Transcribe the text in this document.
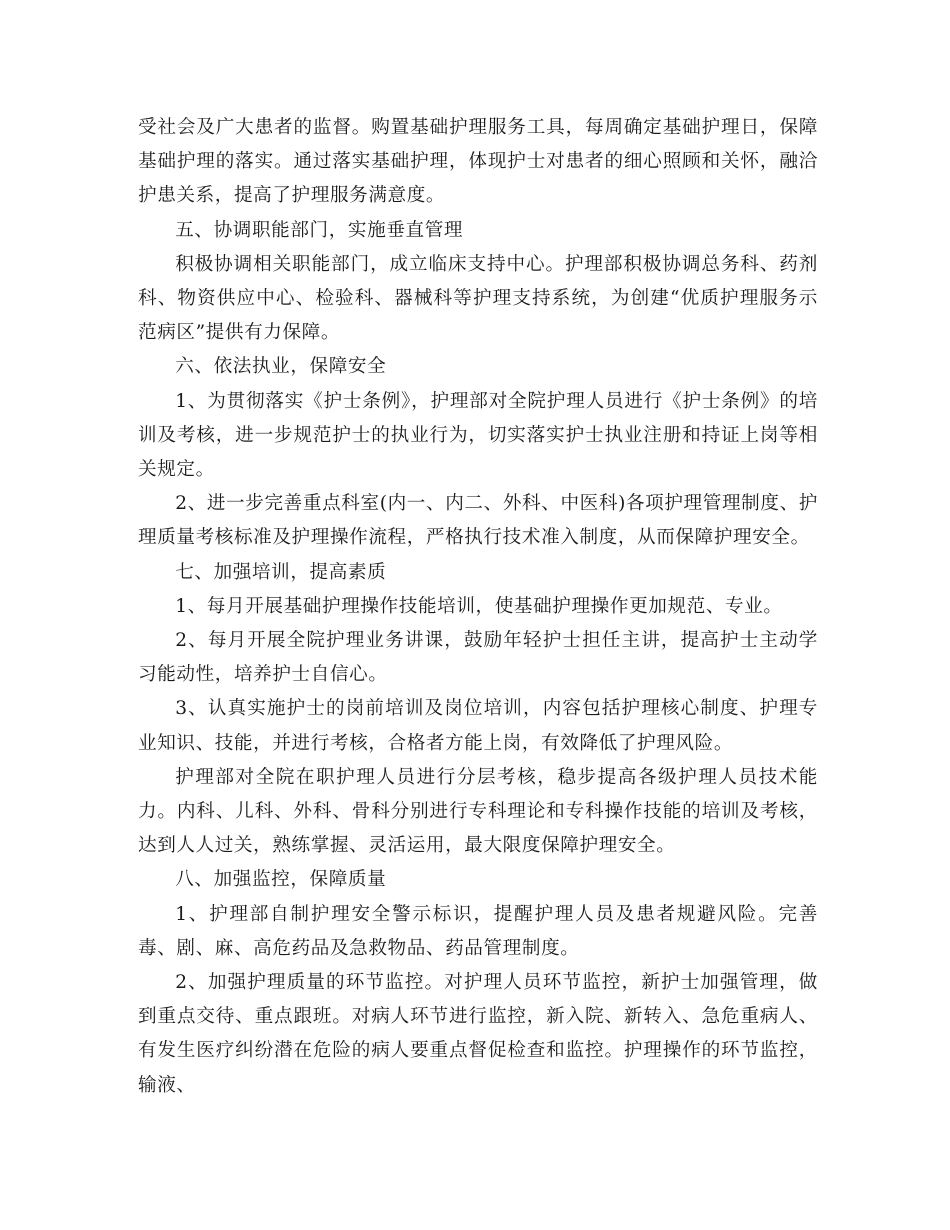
受社会及广大患者的监督。购置基础护理服务工具，每周确定基础护理日，保障基础护理的落实。通过落实基础护理，体现护士对患者的细心照顾和关怀，融洽护患关系，提高了护理服务满意度。

五、协调职能部门，实施垂直管理

积极协调相关职能部门，成立临床支持中心。护理部积极协调总务科、药剂科、物资供应中心、检验科、器械科等护理支持系统，为创建“优质护理服务示范病区”提供有力保障。

六、依法执业，保障安全

1、为贯彻落实《护士条例》，护理部对全院护理人员进行《护士条例》的培训及考核，进一步规范护士的执业行为，切实落实护士执业注册和持证上岗等相关规定。

2、进一步完善重点科室(内一、内二、外科、中医科)各项护理管理制度、护理质量考核标准及护理操作流程，严格执行技术准入制度，从而保障护理安全。

七、加强培训，提高素质

1、每月开展基础护理操作技能培训，使基础护理操作更加规范、专业。

2、每月开展全院护理业务讲课，鼓励年轻护士担任主讲，提高护士主动学习能动性，培养护士自信心。

3、认真实施护士的岗前培训及岗位培训，内容包括护理核心制度、护理专业知识、技能，并进行考核，合格者方能上岗，有效降低了护理风险。

护理部对全院在职护理人员进行分层考核，稳步提高各级护理人员技术能力。内科、儿科、外科、骨科分别进行专科理论和专科操作技能的培训及考核，达到人人过关，熟练掌握、灵活运用，最大限度保障护理安全。

八、加强监控，保障质量

1、护理部自制护理安全警示标识，提醒护理人员及患者规避风险。完善毒、剧、麻、高危药品及急救物品、药品管理制度。

2、加强护理质量的环节监控。对护理人员环节监控，新护士加强管理，做到重点交待、重点跟班。对病人环节进行监控，新入院、新转入、急危重病人、有发生医疗纠纷潜在危险的病人要重点督促检查和监控。护理操作的环节监控，输液、
